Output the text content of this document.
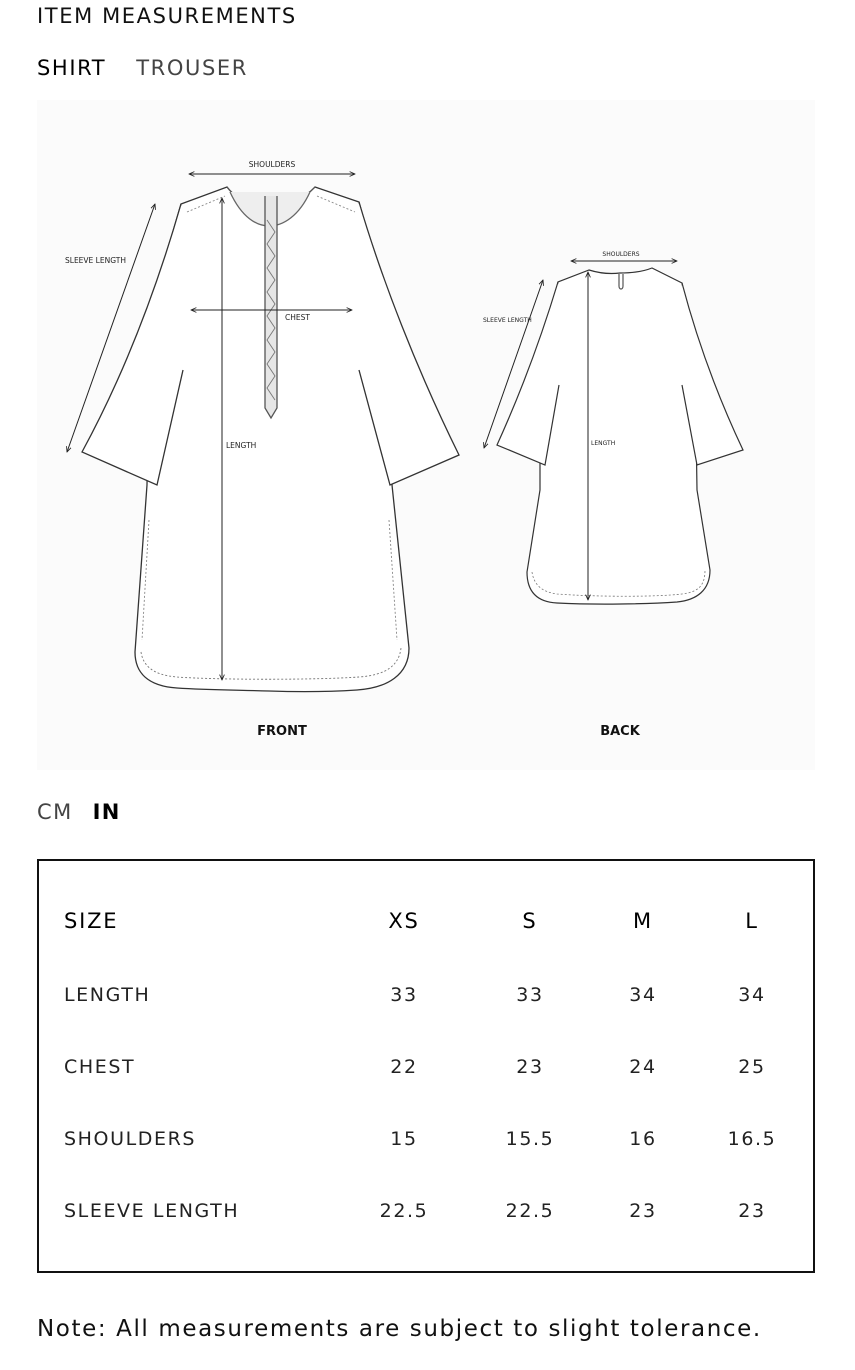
ITEM MEASUREMENTS
SHIRT TROUSER
SHOULDERS
SLEEVE LENGTH
CHEST
LENGTH
FRONT
SHOULDERS
SLEEVE LENGTH
LENGTH
BACK
CM IN
SIZE	XS	S	M	L
LENGTH	33	33	34	34
CHEST	22	23	24	25
SHOULDERS	15	15.5	16	16.5
SLEEVE LENGTH	22.5	22.5	23	23
Note: All measurements are subject to slight tolerance.
